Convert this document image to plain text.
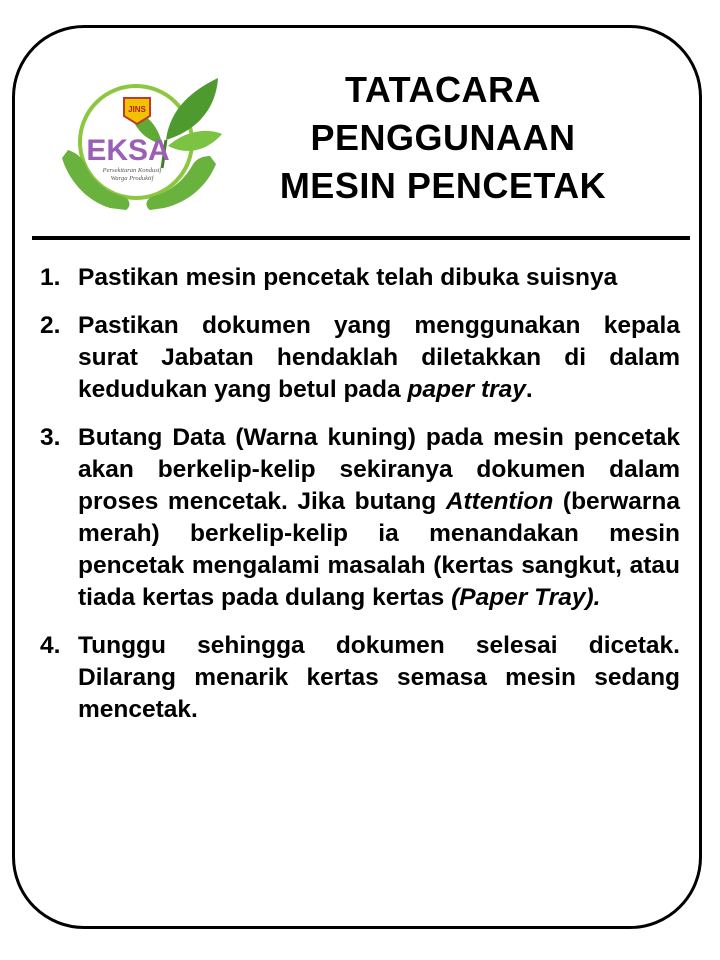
JINS
EKSA
Persekitaran Kondusif
Warga Produktif
TATACARA
PENGGUNAAN
MESIN PENCETAK
1. Pastikan mesin pencetak telah dibuka suisnya
2. Pastikan dokumen yang menggunakan kepala surat Jabatan hendaklah diletakkan di dalam kedudukan yang betul pada paper tray.
3. Butang Data (Warna kuning) pada mesin pencetak akan berkelip-kelip sekiranya dokumen dalam proses mencetak. Jika butang Attention (berwarna merah) berkelip-kelip ia menandakan mesin pencetak mengalami masalah (kertas sangkut, atau tiada kertas pada dulang kertas (Paper Tray).
4. Tunggu sehingga dokumen selesai dicetak. Dilarang menarik kertas semasa mesin sedang mencetak.
